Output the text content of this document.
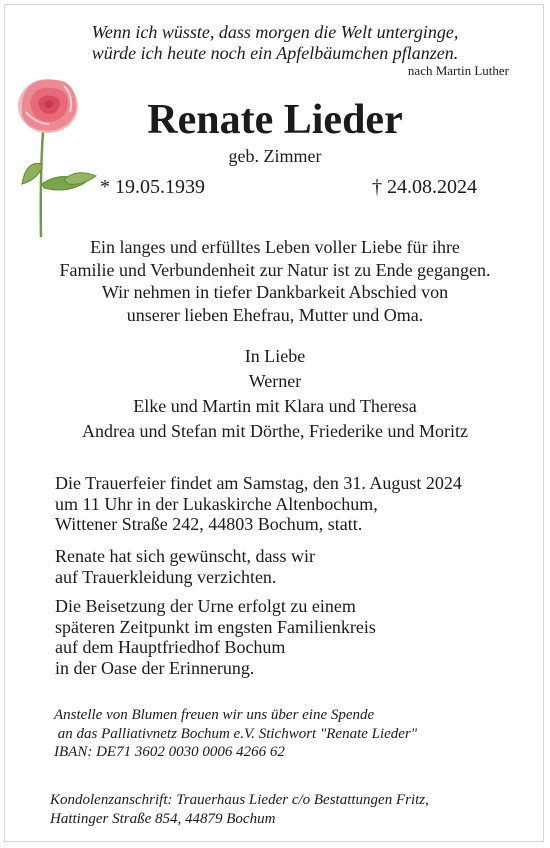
Wenn ich wüsste, dass morgen die Welt unterginge,
würde ich heute noch ein Apfelbäumchen pflanzen.
nach Martin Luther
Renate Lieder
geb. Zimmer
* 19.05.1939	† 24.08.2024
Ein langes und erfülltes Leben voller Liebe für ihre
Familie und Verbundenheit zur Natur ist zu Ende gegangen.
Wir nehmen in tiefer Dankbarkeit Abschied von
unserer lieben Ehefrau, Mutter und Oma.
In Liebe
Werner
Elke und Martin mit Klara und Theresa
Andrea und Stefan mit Dörthe, Friederike und Moritz
Die Trauerfeier findet am Samstag, den 31. August 2024
um 11 Uhr in der Lukaskirche Altenbochum,
Wittener Straße 242, 44803 Bochum, statt.
Renate hat sich gewünscht, dass wir
auf Trauerkleidung verzichten.
Die Beisetzung der Urne erfolgt zu einem
späteren Zeitpunkt im engsten Familienkreis
auf dem Hauptfriedhof Bochum
in der Oase der Erinnerung.
Anstelle von Blumen freuen wir uns über eine Spende
an das Palliativnetz Bochum e.V. Stichwort "Renate Lieder"
IBAN: DE71 3602 0030 0006 4266 62
Kondolenzanschrift: Trauerhaus Lieder c/o Bestattungen Fritz,
Hattinger Straße 854, 44879 Bochum
